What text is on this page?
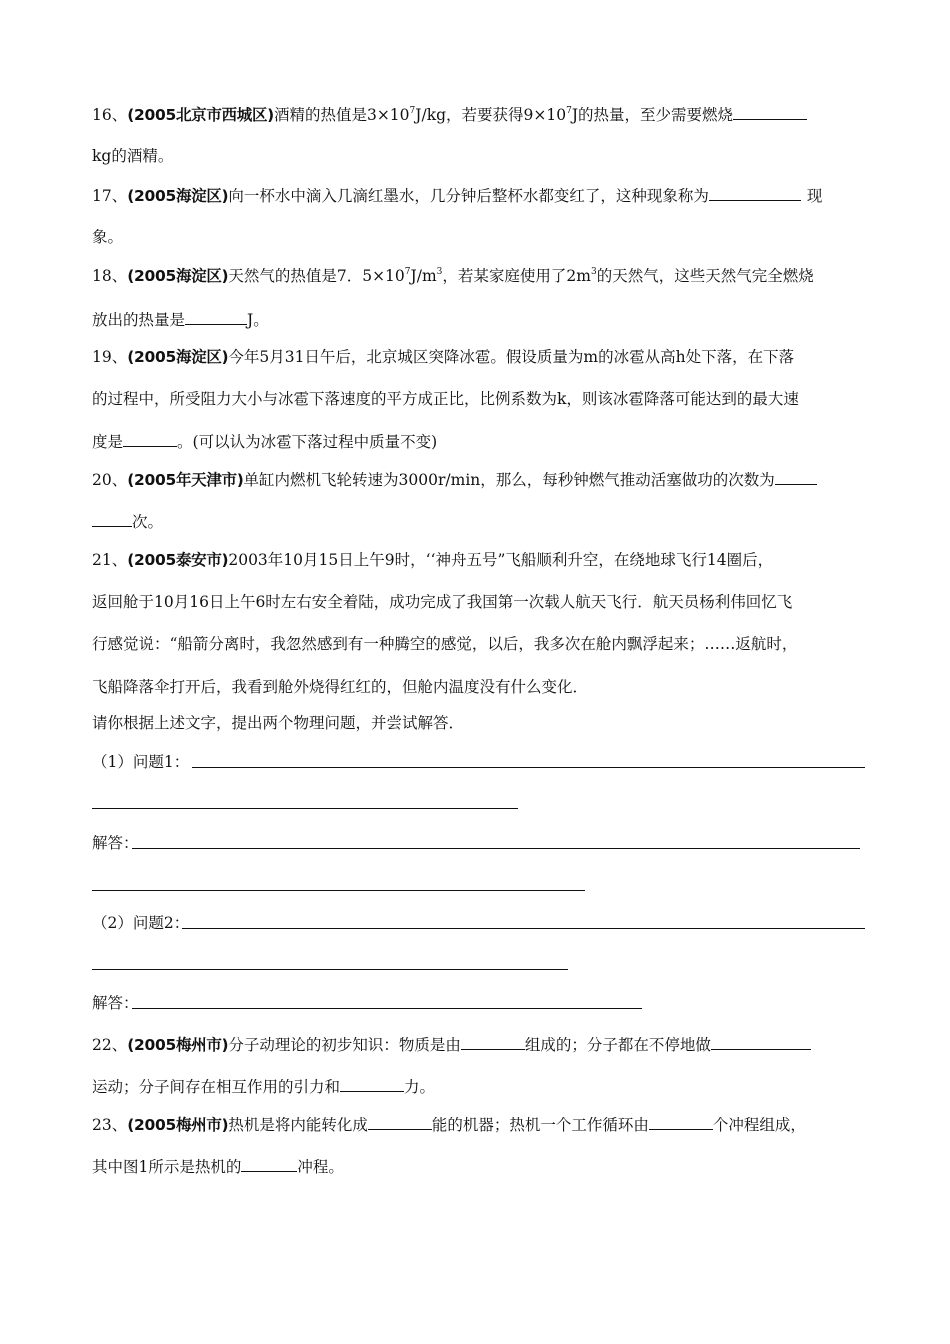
16、(2005北京市西城区)酒精的热值是$3\times 10^7J/kg$，若要获得$9\times 10^7J$的热量，至少需要燃烧
kg的酒精。
17、(2005海淀区)向一杯水中滴入几滴红墨水，几分钟后整杯水都变红了，这种现象称为	现
象。
18、(2005海淀区)天然气的热值是7．$5\times 10^7J/m^3$，若某家庭使用了$2m^3$的天然气，这些天然气完全燃烧
放出的热量是	J。
19、(2005海淀区)今年5月31日午后，北京城区突降冰雹。假设质量为m的冰雹从高h处下落，在下落
的过程中，所受阻力大小与冰雹下落速度的平方成正比，比例系数为k，则该冰雹降落可能达到的最大速
度是	。(可以认为冰雹下落过程中质量不变)
20、(2005年天津市)单缸内燃机飞轮转速为3000r/min，那么，每秒钟燃气推动活塞做功的次数为
次。
21、(2005泰安市)2003年10月15日上午9时，‘‘神舟五号”飞船顺利升空，在绕地球飞行14圈后，
返回舱于10月16日上午6时左右安全着陆，成功完成了我国第一次载人航天飞行．航天员杨利伟回忆飞
行感觉说：“船箭分离时，我忽然感到有一种腾空的感觉，以后，我多次在舱内飘浮起来；……返航时，
飞船降落伞打开后，我看到舱外烧得红红的，但舱内温度没有什么变化．
请你根据上述文字，提出两个物理问题，并尝试解答．
（1）问题1：
解答：
（2）问题2：
解答：
22、(2005梅州市)分子动理论的初步知识：物质是由	组成的；分子都在不停地做
运动；分子间存在相互作用的引力和	力。
23、(2005梅州市)热机是将内能转化成	能的机器；热机一个工作循环由	个冲程组成，
其中图1所示是热机的	冲程。
